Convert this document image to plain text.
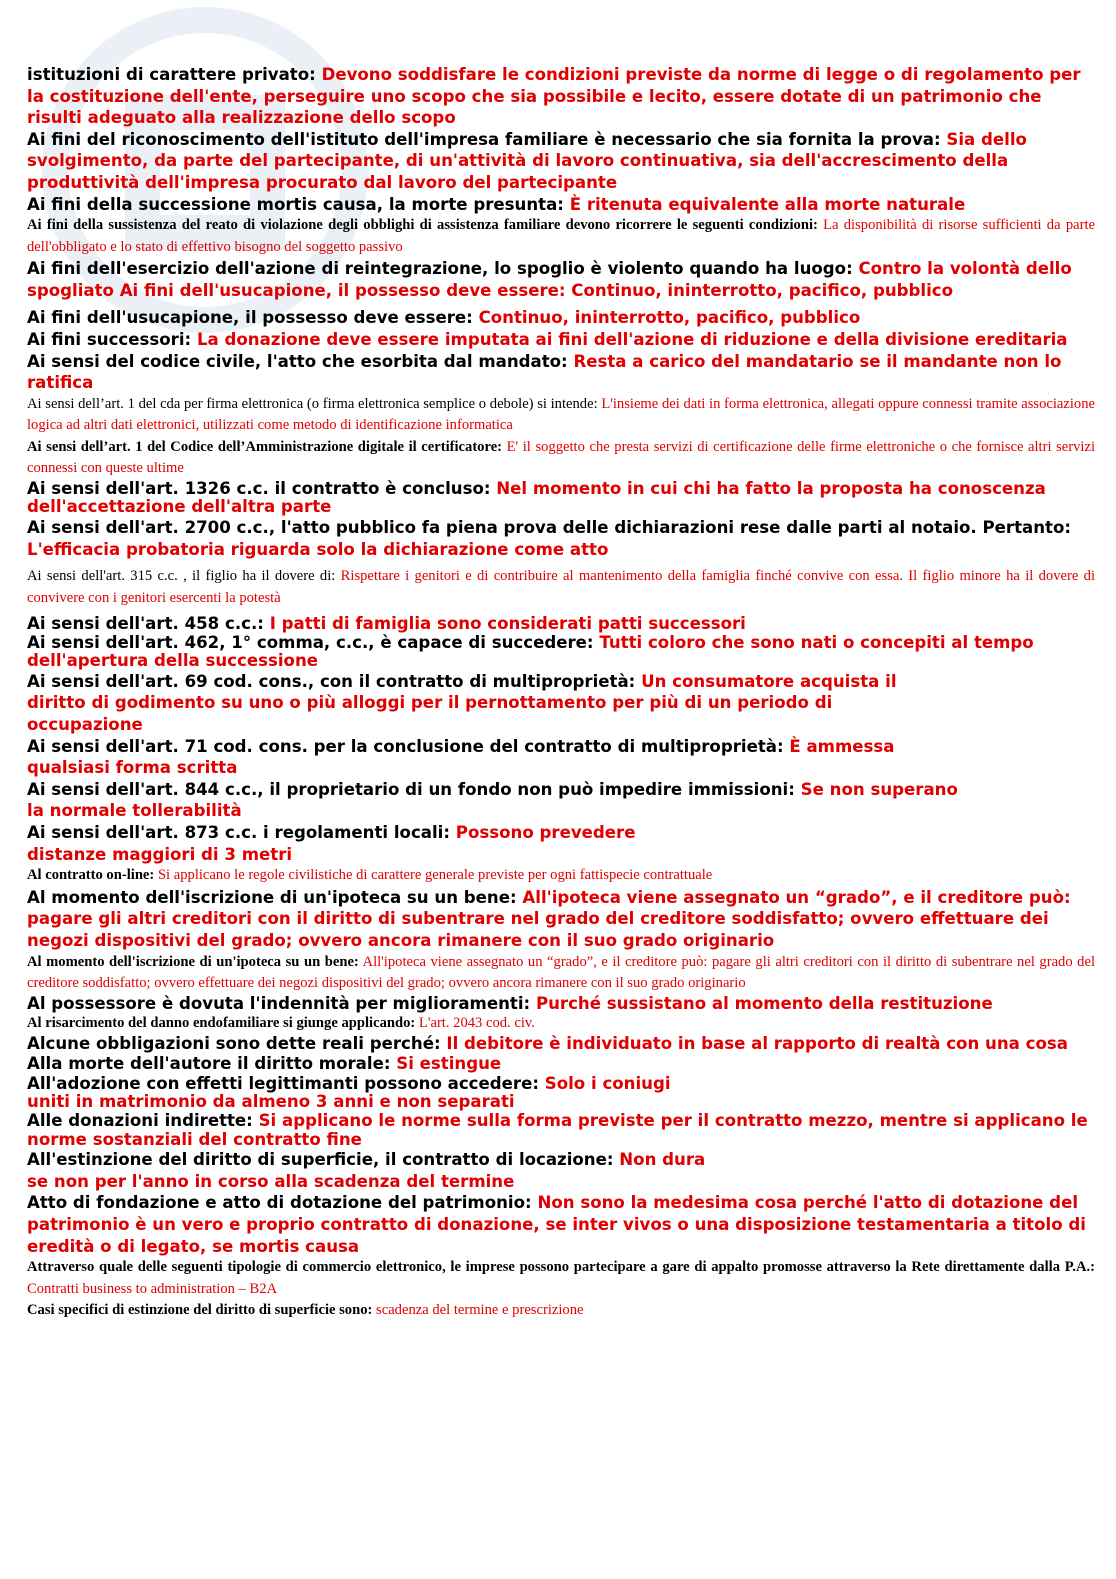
istituzioni di carattere privato: Devono soddisfare le condizioni previste da norme di legge o di regolamento per la costituzione dell'ente, perseguire uno scopo che sia possibile e lecito, essere dotate di un patrimonio che risulti adeguato alla realizzazione dello scopo

Ai fini del riconoscimento dell'istituto dell'impresa familiare è necessario che sia fornita la prova: Sia dello svolgimento, da parte del partecipante, di un'attività di lavoro continuativa, sia dell'accrescimento della produttività dell'impresa procurato dal lavoro del partecipante

Ai fini della successione mortis causa, la morte presunta: È ritenuta equivalente alla morte naturale

Ai fini della sussistenza del reato di violazione degli obblighi di assistenza familiare devono ricorrere le seguenti condizioni: La disponibilità di risorse sufficienti da parte dell'obbligato e lo stato di effettivo bisogno del soggetto passivo

Ai fini dell'esercizio dell'azione di reintegrazione, lo spoglio è violento quando ha luogo: Contro la volontà dello spogliato Ai fini dell'usucapione, il possesso deve essere: Continuo, ininterrotto, pacifico, pubblico

Ai fini dell'usucapione, il possesso deve essere: Continuo, ininterrotto, pacifico, pubblico

Ai fini successori: La donazione deve essere imputata ai fini dell'azione di riduzione e della divisione ereditaria

Ai sensi del codice civile, l'atto che esorbita dal mandato: Resta a carico del mandatario se il mandante non lo ratifica

Ai sensi dell’art. 1 del cda per firma elettronica (o firma elettronica semplice o debole) si intende: L'insieme dei dati in forma elettronica, allegati oppure connessi tramite associazione logica ad altri dati elettronici, utilizzati come metodo di identificazione informatica

Ai sensi dell’art. 1 del Codice dell’Amministrazione digitale il certificatore: E' il soggetto che presta servizi di certificazione delle firme elettroniche o che fornisce altri servizi connessi con queste ultime

Ai sensi dell'art. 1326 c.c. il contratto è concluso: Nel momento in cui chi ha fatto la proposta ha conoscenza dell'accettazione dell'altra parte

Ai sensi dell'art. 2700 c.c., l'atto pubblico fa piena prova delle dichiarazioni rese dalle parti al notaio. Pertanto: L'efficacia probatoria riguarda solo la dichiarazione come atto

Ai sensi dell'art. 315 c.c. , il figlio ha il dovere di: Rispettare i genitori e di contribuire al mantenimento della famiglia finché convive con essa. Il figlio minore ha il dovere di convivere con i genitori esercenti la potestà

Ai sensi dell'art. 458 c.c.: I patti di famiglia sono considerati patti successori

Ai sensi dell'art. 462, 1° comma, c.c., è capace di succedere: Tutti coloro che sono nati o concepiti al tempo dell'apertura della successione

Ai sensi dell'art. 69 cod. cons., con il contratto di multiproprietà: Un consumatore acquista il
diritto di godimento su uno o più alloggi per il pernottamento per più di un periodo di
occupazione

Ai sensi dell'art. 71 cod. cons. per la conclusione del contratto di multiproprietà: È ammessa
qualsiasi forma scritta

Ai sensi dell'art. 844 c.c., il proprietario di un fondo non può impedire immissioni: Se non superano
la normale tollerabilità

Ai sensi dell'art. 873 c.c. i regolamenti locali: Possono prevedere
distanze maggiori di 3 metri

Al contratto on-line: Si applicano le regole civilistiche di carattere generale previste per ogni fattispecie contrattuale

Al momento dell'iscrizione di un'ipoteca su un bene: All'ipoteca viene assegnato un “grado”, e il creditore può: pagare gli altri creditori con il diritto di subentrare nel grado del creditore soddisfatto; ovvero effettuare dei negozi dispositivi del grado; ovvero ancora rimanere con il suo grado originario

Al momento dell'iscrizione di un'ipoteca su un bene: All'ipoteca viene assegnato un “grado”, e il creditore può: pagare gli altri creditori con il diritto di subentrare nel grado del creditore soddisfatto; ovvero effettuare dei negozi dispositivi del grado; ovvero ancora rimanere con il suo grado originario

Al possessore è dovuta l'indennità per miglioramenti: Purché sussistano al momento della restituzione

Al risarcimento del danno endofamiliare si giunge applicando: L'art. 2043 cod. civ.

Alcune obbligazioni sono dette reali perché: Il debitore è individuato in base al rapporto di realtà con una cosa

Alla morte dell'autore il diritto morale: Si estingue

All'adozione con effetti legittimanti possono accedere: Solo i coniugi
uniti in matrimonio da almeno 3 anni e non separati

Alle donazioni indirette: Si applicano le norme sulla forma previste per il contratto mezzo, mentre si applicano le norme sostanziali del contratto fine

All'estinzione del diritto di superficie, il contratto di locazione: Non dura
se non per l'anno in corso alla scadenza del termine

Atto di fondazione e atto di dotazione del patrimonio: Non sono la medesima cosa perché l'atto di dotazione del patrimonio è un vero e proprio contratto di donazione, se inter vivos o una disposizione testamentaria a titolo di eredità o di legato, se mortis causa

Attraverso quale delle seguenti tipologie di commercio elettronico, le imprese possono partecipare a gare di appalto promosse attraverso la Rete direttamente dalla P.A.: Contratti business to administration – B2A

Casi specifici di estinzione del diritto di superficie sono: scadenza del termine e prescrizione
